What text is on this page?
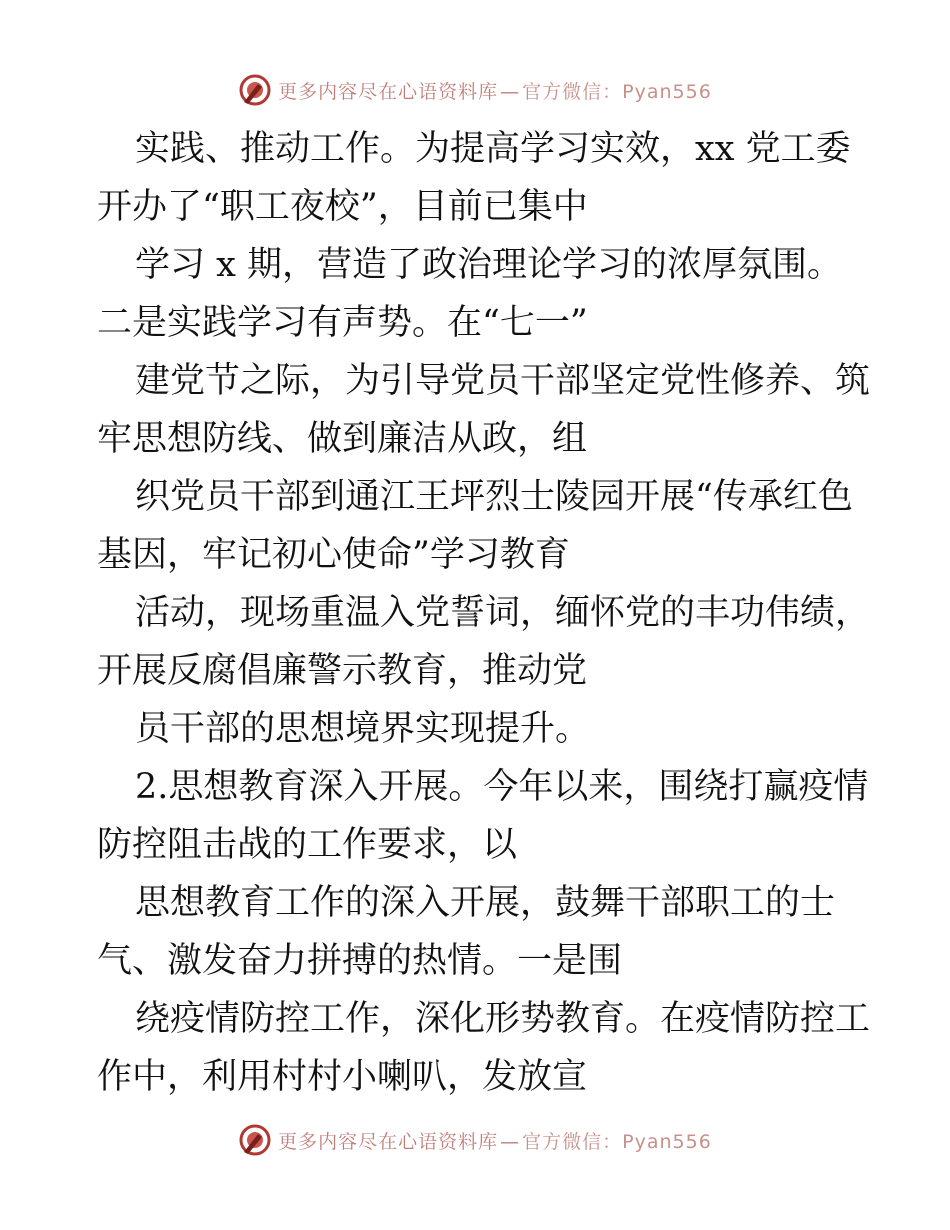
更多内容尽在心语资料库 — 官方微信：Pyan556
实践、推动工作。为提高学习实效，xx 党工委
开办了“职工夜校”，目前已集中
学习 x 期，营造了政治理论学习的浓厚氛围。
二是实践学习有声势。在“七一”
建党节之际，为引导党员干部坚定党性修养、筑
牢思想防线、做到廉洁从政，组
织党员干部到通江王坪烈士陵园开展“传承红色
基因，牢记初心使命”学习教育
活动，现场重温入党誓词，缅怀党的丰功伟绩，
开展反腐倡廉警示教育，推动党
员干部的思想境界实现提升。
2.思想教育深入开展。今年以来，围绕打赢疫情
防控阻击战的工作要求，以
思想教育工作的深入开展，鼓舞干部职工的士
气、激发奋力拼搏的热情。一是围
绕疫情防控工作，深化形势教育。在疫情防控工
作中，利用村村小喇叭，发放宣
更多内容尽在心语资料库 — 官方微信：Pyan556
